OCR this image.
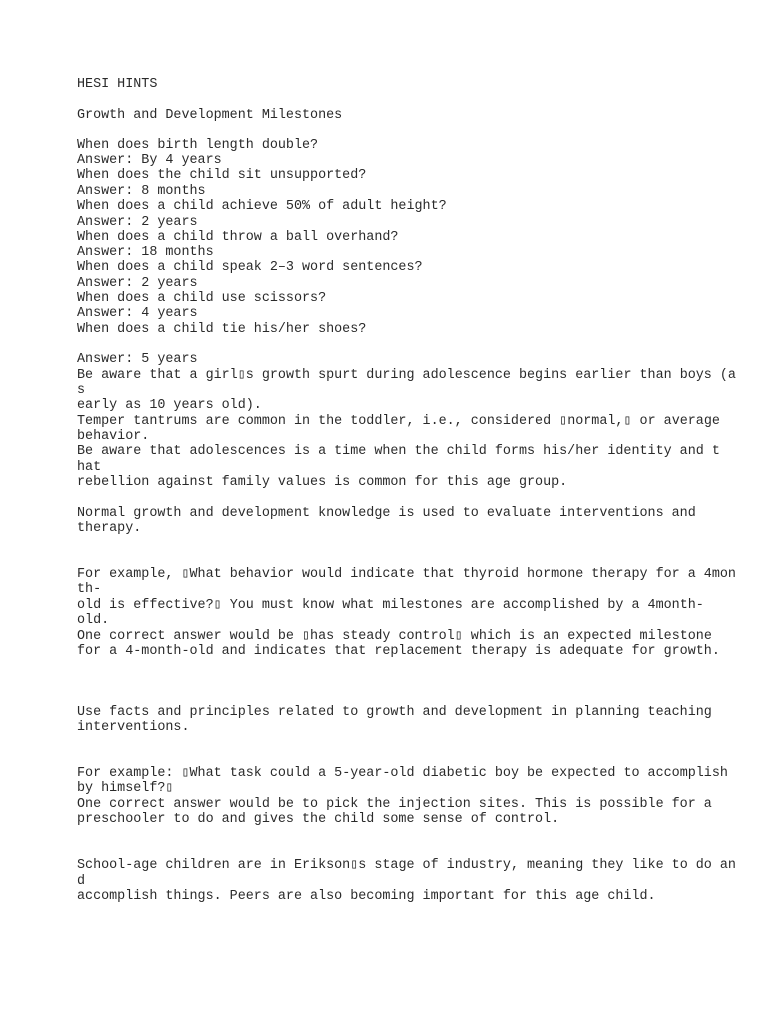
HESI HINTS

Growth and Development Milestones

When does birth length double?

Answer: By 4 years

When does the child sit unsupported?

Answer: 8 months

When does a child achieve 50% of adult height?

Answer: 2 years

When does a child throw a ball overhand?

Answer: 18 months

When does a child speak 2–3 word sentences?

Answer: 2 years

When does a child use scissors?

Answer: 4 years

When does a child tie his/her shoes?

Answer: 5 years

Be aware that a girl▯s growth spurt during adolescence begins earlier than boys (a

s

early as 10 years old).

Temper tantrums are common in the toddler, i.e., considered ▯normal,▯ or average

behavior.

Be aware that adolescences is a time when the child forms his/her identity and t

hat

rebellion against family values is common for this age group.

Normal growth and development knowledge is used to evaluate interventions and

therapy.

For example, ▯What behavior would indicate that thyroid hormone therapy for a 4mon

th-

old is effective?▯ You must know what milestones are accomplished by a 4month-

old.

One correct answer would be ▯has steady control▯ which is an expected milestone

for a 4-month-old and indicates that replacement therapy is adequate for growth.

Use facts and principles related to growth and development in planning teaching

interventions.

For example: ▯What task could a 5-year-old diabetic boy be expected to accomplish

by himself?▯

One correct answer would be to pick the injection sites. This is possible for a

preschooler to do and gives the child some sense of control.

School-age children are in Erikson▯s stage of industry, meaning they like to do an

d

accomplish things. Peers are also becoming important for this age child.
